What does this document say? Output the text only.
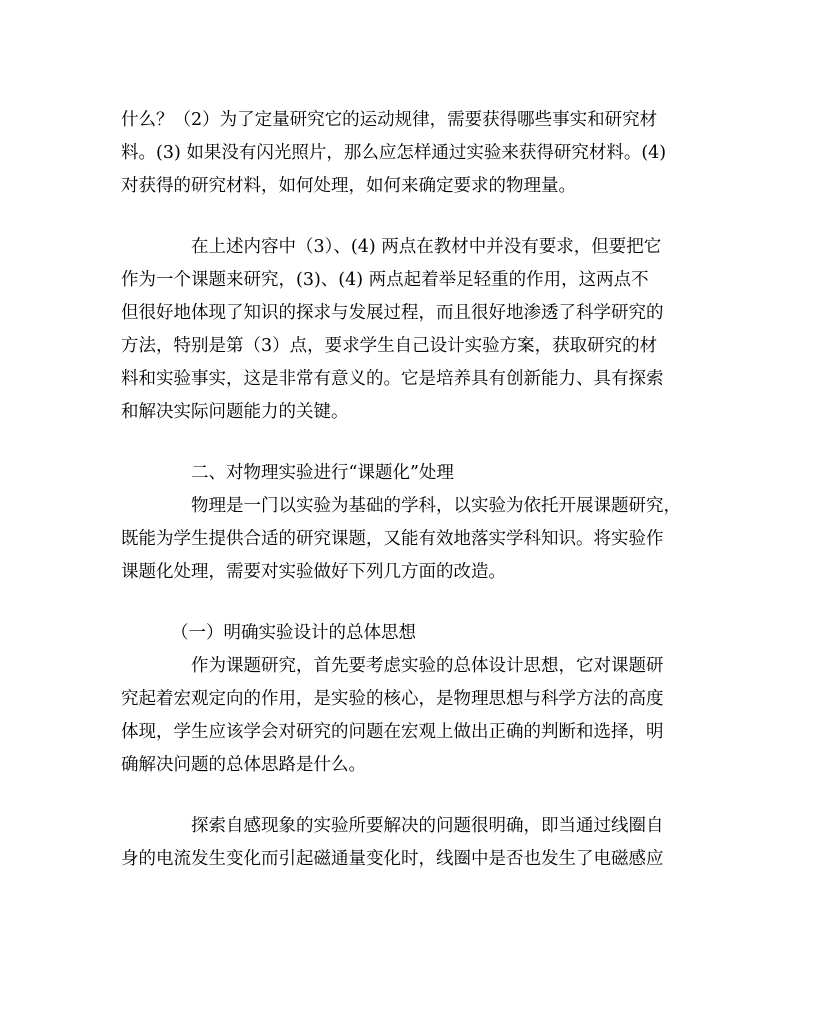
什么？（2）为了定量研究它的运动规律，需要获得哪些事实和研究材
料。(3) 如果没有闪光照片，那么应怎样通过实验来获得研究材料。(4)
对获得的研究材料，如何处理，如何来确定要求的物理量。
在上述内容中（3）、(4) 两点在教材中并没有要求，但要把它
作为一个课题来研究，(3)、(4) 两点起着举足轻重的作用，这两点不
但很好地体现了知识的探求与发展过程，而且很好地渗透了科学研究的
方法，特别是第（3）点，要求学生自己设计实验方案，获取研究的材
料和实验事实，这是非常有意义的。它是培养具有创新能力、具有探索
和解决实际问题能力的关键。
二、对物理实验进行“课题化”处理
物理是一门以实验为基础的学科，以实验为依托开展课题研究，
既能为学生提供合适的研究课题，又能有效地落实学科知识。将实验作
课题化处理，需要对实验做好下列几方面的改造。
（一）明确实验设计的总体思想
作为课题研究，首先要考虑实验的总体设计思想，它对课题研
究起着宏观定向的作用，是实验的核心，是物理思想与科学方法的高度
体现，学生应该学会对研究的问题在宏观上做出正确的判断和选择，明
确解决问题的总体思路是什么。
探索自感现象的实验所要解决的问题很明确，即当通过线圈自
身的电流发生变化而引起磁通量变化时，线圈中是否也发生了电磁感应
